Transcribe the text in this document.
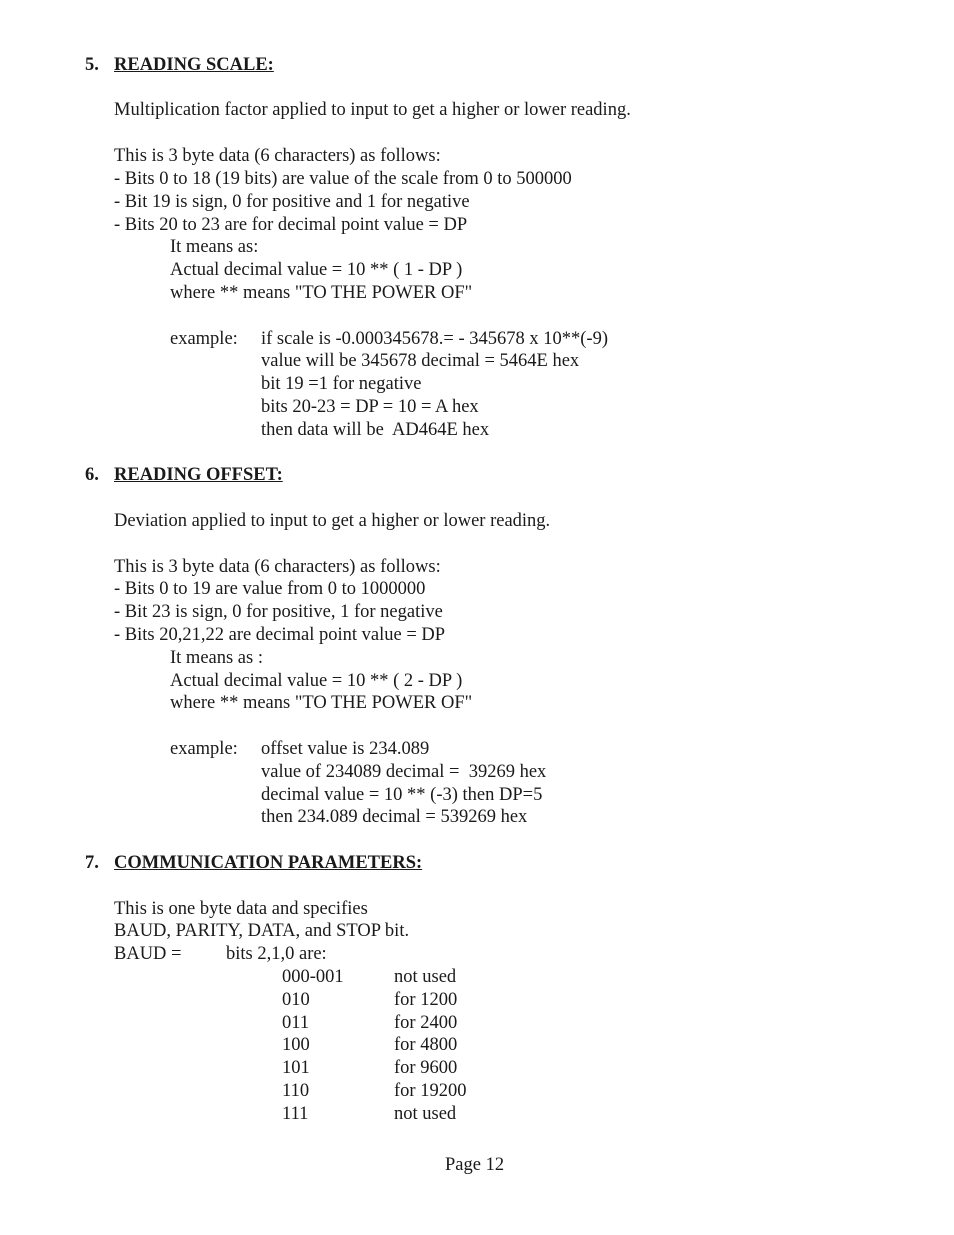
5. READING SCALE:
Multiplication factor applied to input to get a higher or lower reading.
This is 3 byte data (6 characters) as follows:
- Bits 0 to 18 (19 bits) are value of the scale from 0 to 500000
- Bit 19 is sign, 0 for positive and 1 for negative
- Bits 20 to 23 are for decimal point value = DP
It means as:
Actual decimal value = 10 ** ( 1 - DP )
where ** means "TO THE POWER OF"
example: if scale is -0.000345678.= - 345678 x 10**(-9)
value will be 345678 decimal = 5464E hex
bit 19 =1 for negative
bits 20-23 = DP = 10 = A hex
then data will be  AD464E hex
6. READING OFFSET:
Deviation applied to input to get a higher or lower reading.
This is 3 byte data (6 characters) as follows:
- Bits 0 to 19 are value from 0 to 1000000
- Bit 23 is sign, 0 for positive, 1 for negative
- Bits 20,21,22 are decimal point value = DP
It means as :
Actual decimal value = 10 ** ( 2 - DP )
where ** means "TO THE POWER OF"
example: offset value is 234.089
value of 234089 decimal =  39269 hex
decimal value = 10 ** (-3) then DP=5
then 234.089 decimal = 539269 hex
7. COMMUNICATION PARAMETERS:
This is one byte data and specifies
BAUD, PARITY, DATA, and STOP bit.
BAUD = bits 2,1,0 are:
000-001	not used
010	for 1200
011	for 2400
100	for 4800
101	for 9600
110	for 19200
111	not used
Page 12
